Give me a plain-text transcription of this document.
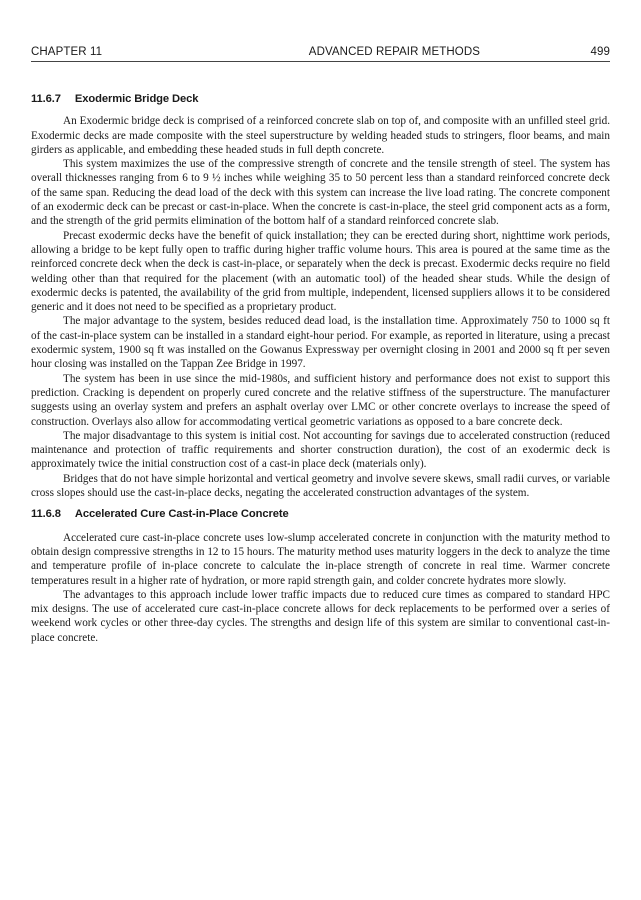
CHAPTER 11	ADVANCED REPAIR METHODS	499
11.6.7 Exodermic Bridge Deck

An Exodermic bridge deck is comprised of a reinforced concrete slab on top of, and composite with an unfilled steel grid. Exodermic decks are made composite with the steel superstructure by welding headed studs to stringers, floor beams, and main girders as applicable, and embedding these headed studs in full depth concrete.

This system maximizes the use of the compressive strength of concrete and the tensile strength of steel. The system has overall thicknesses ranging from 6 to 9 ½ inches while weighing 35 to 50 percent less than a standard reinforced concrete deck of the same span. Reducing the dead load of the deck with this system can increase the live load rating. The concrete component of an exodermic deck can be precast or cast-in-place. When the concrete is cast-in-place, the steel grid component acts as a form, and the strength of the grid permits elimination of the bottom half of a standard reinforced concrete slab.

Precast exodermic decks have the benefit of quick installation; they can be erected during short, nighttime work periods, allowing a bridge to be kept fully open to traffic during higher traffic volume hours. This area is poured at the same time as the reinforced concrete deck when the deck is cast-in-place, or separately when the deck is precast. Exodermic decks require no field welding other than that required for the placement (with an automatic tool) of the headed shear studs. While the design of exodermic decks is patented, the availability of the grid from multiple, independent, licensed suppliers allows it to be considered generic and it does not need to be specified as a proprietary product.

The major advantage to the system, besides reduced dead load, is the installation time. Approximately 750 to 1000 sq ft of the cast-in-place system can be installed in a standard eight-hour period. For example, as reported in literature, using a precast exodermic system, 1900 sq ft was installed on the Gowanus Expressway per overnight closing in 2001 and 2000 sq ft per seven hour closing was installed on the Tappan Zee Bridge in 1997.

The system has been in use since the mid-1980s, and sufficient history and performance does not exist to support this prediction. Cracking is dependent on properly cured concrete and the relative stiffness of the superstructure. The manufacturer suggests using an overlay system and prefers an asphalt overlay over LMC or other concrete overlays to increase the speed of construction. Overlays also allow for accommodating vertical geometric variations as opposed to a bare concrete deck.

The major disadvantage to this system is initial cost. Not accounting for savings due to accelerated construction (reduced maintenance and protection of traffic requirements and shorter construction duration), the cost of an exodermic deck is approximately twice the initial construction cost of a cast-in place deck (materials only).

Bridges that do not have simple horizontal and vertical geometry and involve severe skews, small radii curves, or variable cross slopes should use the cast-in-place decks, negating the accelerated construction advantages of the system.

11.6.8 Accelerated Cure Cast-in-Place Concrete

Accelerated cure cast-in-place concrete uses low-slump accelerated concrete in conjunction with the maturity method to obtain design compressive strengths in 12 to 15 hours. The maturity method uses maturity loggers in the deck to analyze the time and temperature profile of in-place concrete to calculate the in-place strength of concrete in real time. Warmer concrete temperatures result in a higher rate of hydration, or more rapid strength gain, and colder concrete hydrates more slowly.

The advantages to this approach include lower traffic impacts due to reduced cure times as compared to standard HPC mix designs. The use of accelerated cure cast-in-place concrete allows for deck replacements to be performed over a series of weekend work cycles or other three-day cycles. The strengths and design life of this system are similar to conventional cast-in-place concrete.
